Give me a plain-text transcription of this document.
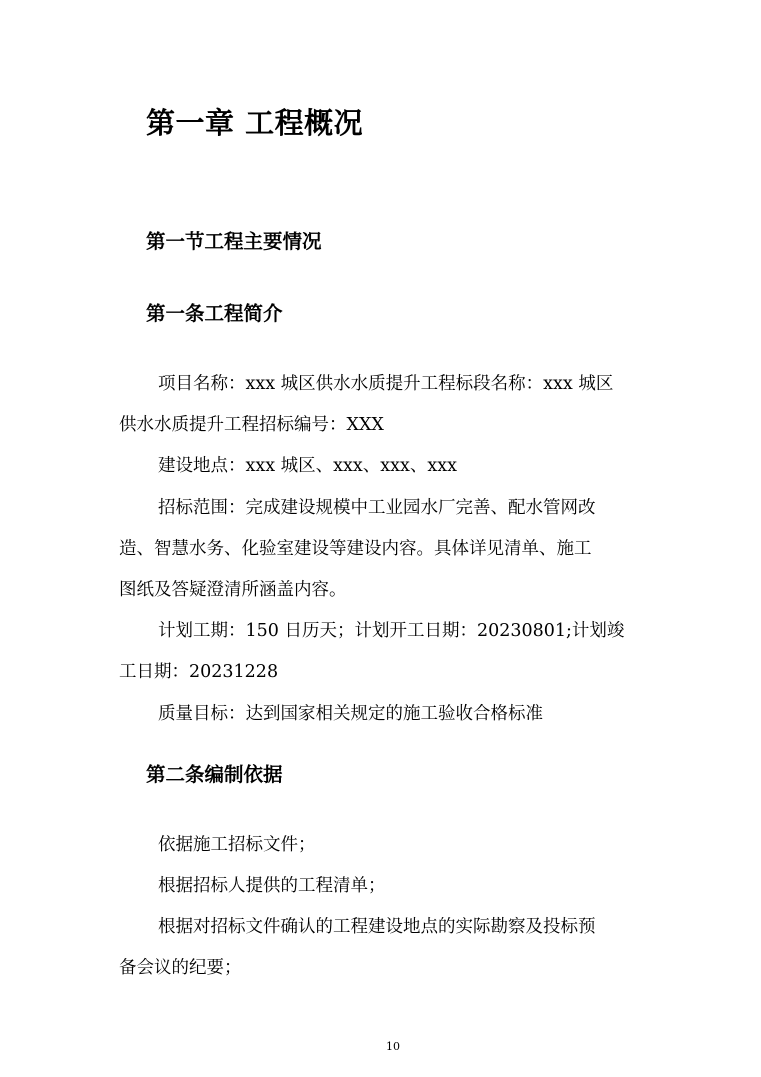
第一章 工程概况
第一节工程主要情况
第一条工程简介
项目名称：xxx 城区供水水质提升工程标段名称：xxx 城区
供水水质提升工程招标编号：XXX
建设地点：xxx 城区、xxx、xxx、xxx
招标范围：完成建设规模中工业园水厂完善、配水管网改
造、智慧水务、化验室建设等建设内容。具体详见清单、施工
图纸及答疑澄清所涵盖内容。
计划工期：150 日历天；计划开工日期：20230801;计划竣
工日期：20231228
质量目标：达到国家相关规定的施工验收合格标准
第二条编制依据
依据施工招标文件；
根据招标人提供的工程清单；
根据对招标文件确认的工程建设地点的实际勘察及投标预
备会议的纪要；
10
